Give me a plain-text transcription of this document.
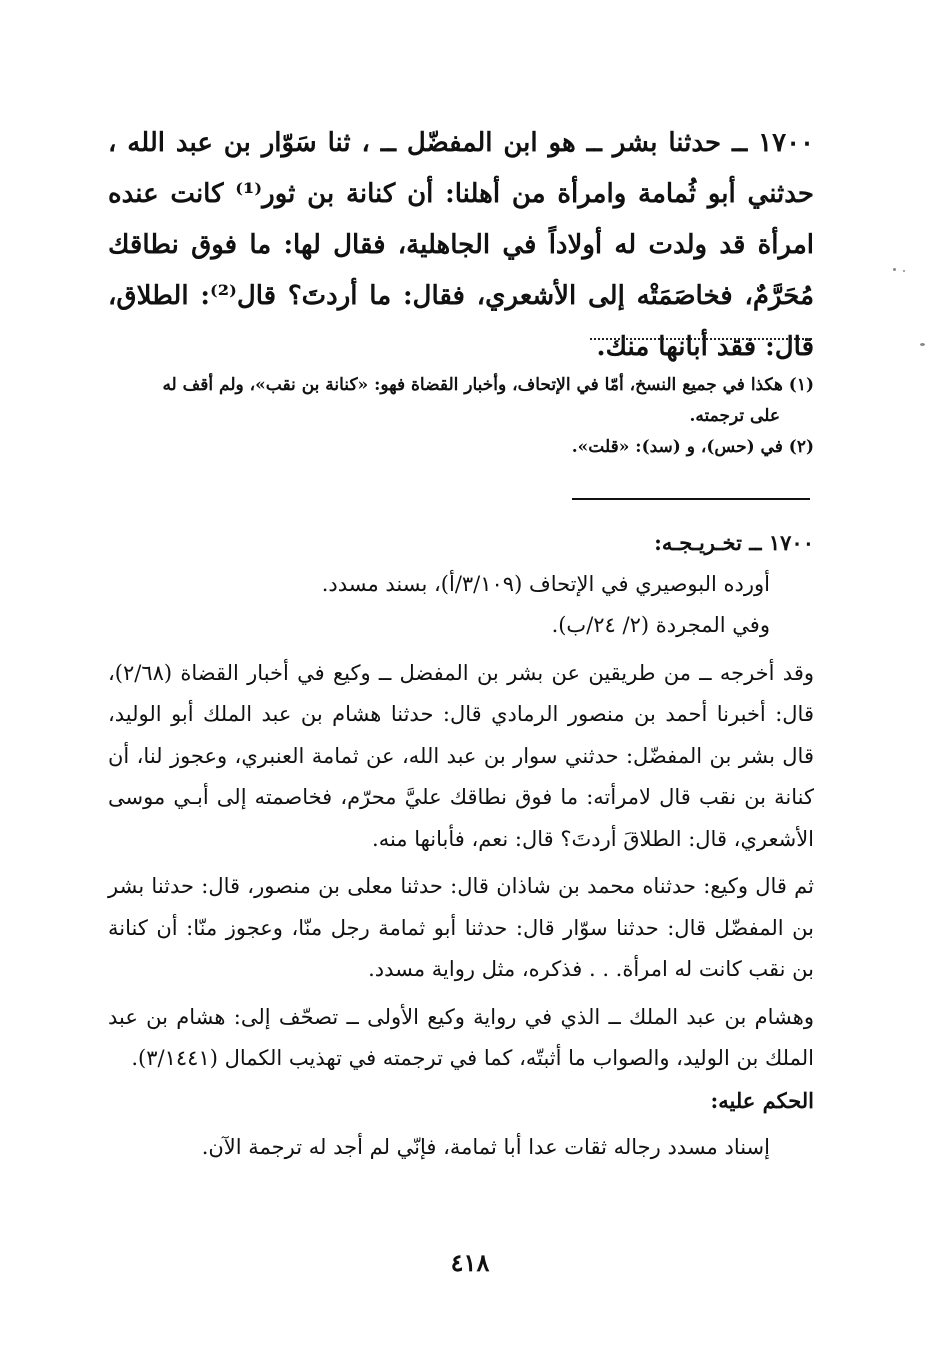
١٧٠٠ ــ حدثنا بشر ــ هو ابن المفضّل ــ ، ثنا سَوّار بن عبد الله ، حدثني أبو ثُمامة وامرأة من أهلنا: أن كنانة بن ثور⁽¹⁾ كانت عنده امرأة قد ولدت له أولاداً في الجاهلية، فقال لها: ما فوق نطاقك مُحَرَّمٌ، فخاصَمَتْه إلى الأشعري، فقال: ما أردتَ؟ قال⁽²⁾: الطلاق، قال: فقد أبانها منك.

(١) هكذا في جميع النسخ، أمّا في الإتحاف، وأخبار القضاة فهو: «كنانة بن نقب»، ولم أقف له

على ترجمته.

(٢) في (حس)، و (سد): «قلت».

١٧٠٠ ــ تخـريـجـه:

أورده البوصيري في الإتحاف (٣/١٠٩/أ)، بسند مسدد.

وفي المجردة (٢/ ٢٤/ب).

وقد أخرجه ــ من طريقين عن بشر بن المفضل ــ وكيع في أخبار القضاة (٢/٦٨)، قال: أخبرنا أحمد بن منصور الرمادي قال: حدثنا هشام بن عبد الملك أبو الوليد، قال بشر بن المفضّل: حدثني سوار بن عبد الله، عن ثمامة العنبري، وعجوز لنا، أن كنانة بن نقب قال لامرأته: ما فوق نطاقك عليَّ محرّم، فخاصمته إلى أبـي موسى الأشعري، قال: الطلاقَ أردتَ؟ قال: نعم، فأبانها منه.

ثم قال وكيع: حدثناه محمد بن شاذان قال: حدثنا معلى بن منصور، قال: حدثنا بشر بن المفضّل قال: حدثنا سوّار قال: حدثنا أبو ثمامة رجل منّا، وعجوز منّا: أن كنانة بن نقب كانت له امرأة. . . فذكره، مثل رواية مسدد.

وهشام بن عبد الملك ــ الذي في رواية وكيع الأولى ــ تصحّف إلى: هشام بن عبد الملك بن الوليد، والصواب ما أثبتّه، كما في ترجمته في تهذيب الكمال (٣/١٤٤١).

الحكم عليه:

إسناد مسدد رجاله ثقات عدا أبا ثمامة، فإنّي لم أجد له ترجمة الآن.

٤١٨
